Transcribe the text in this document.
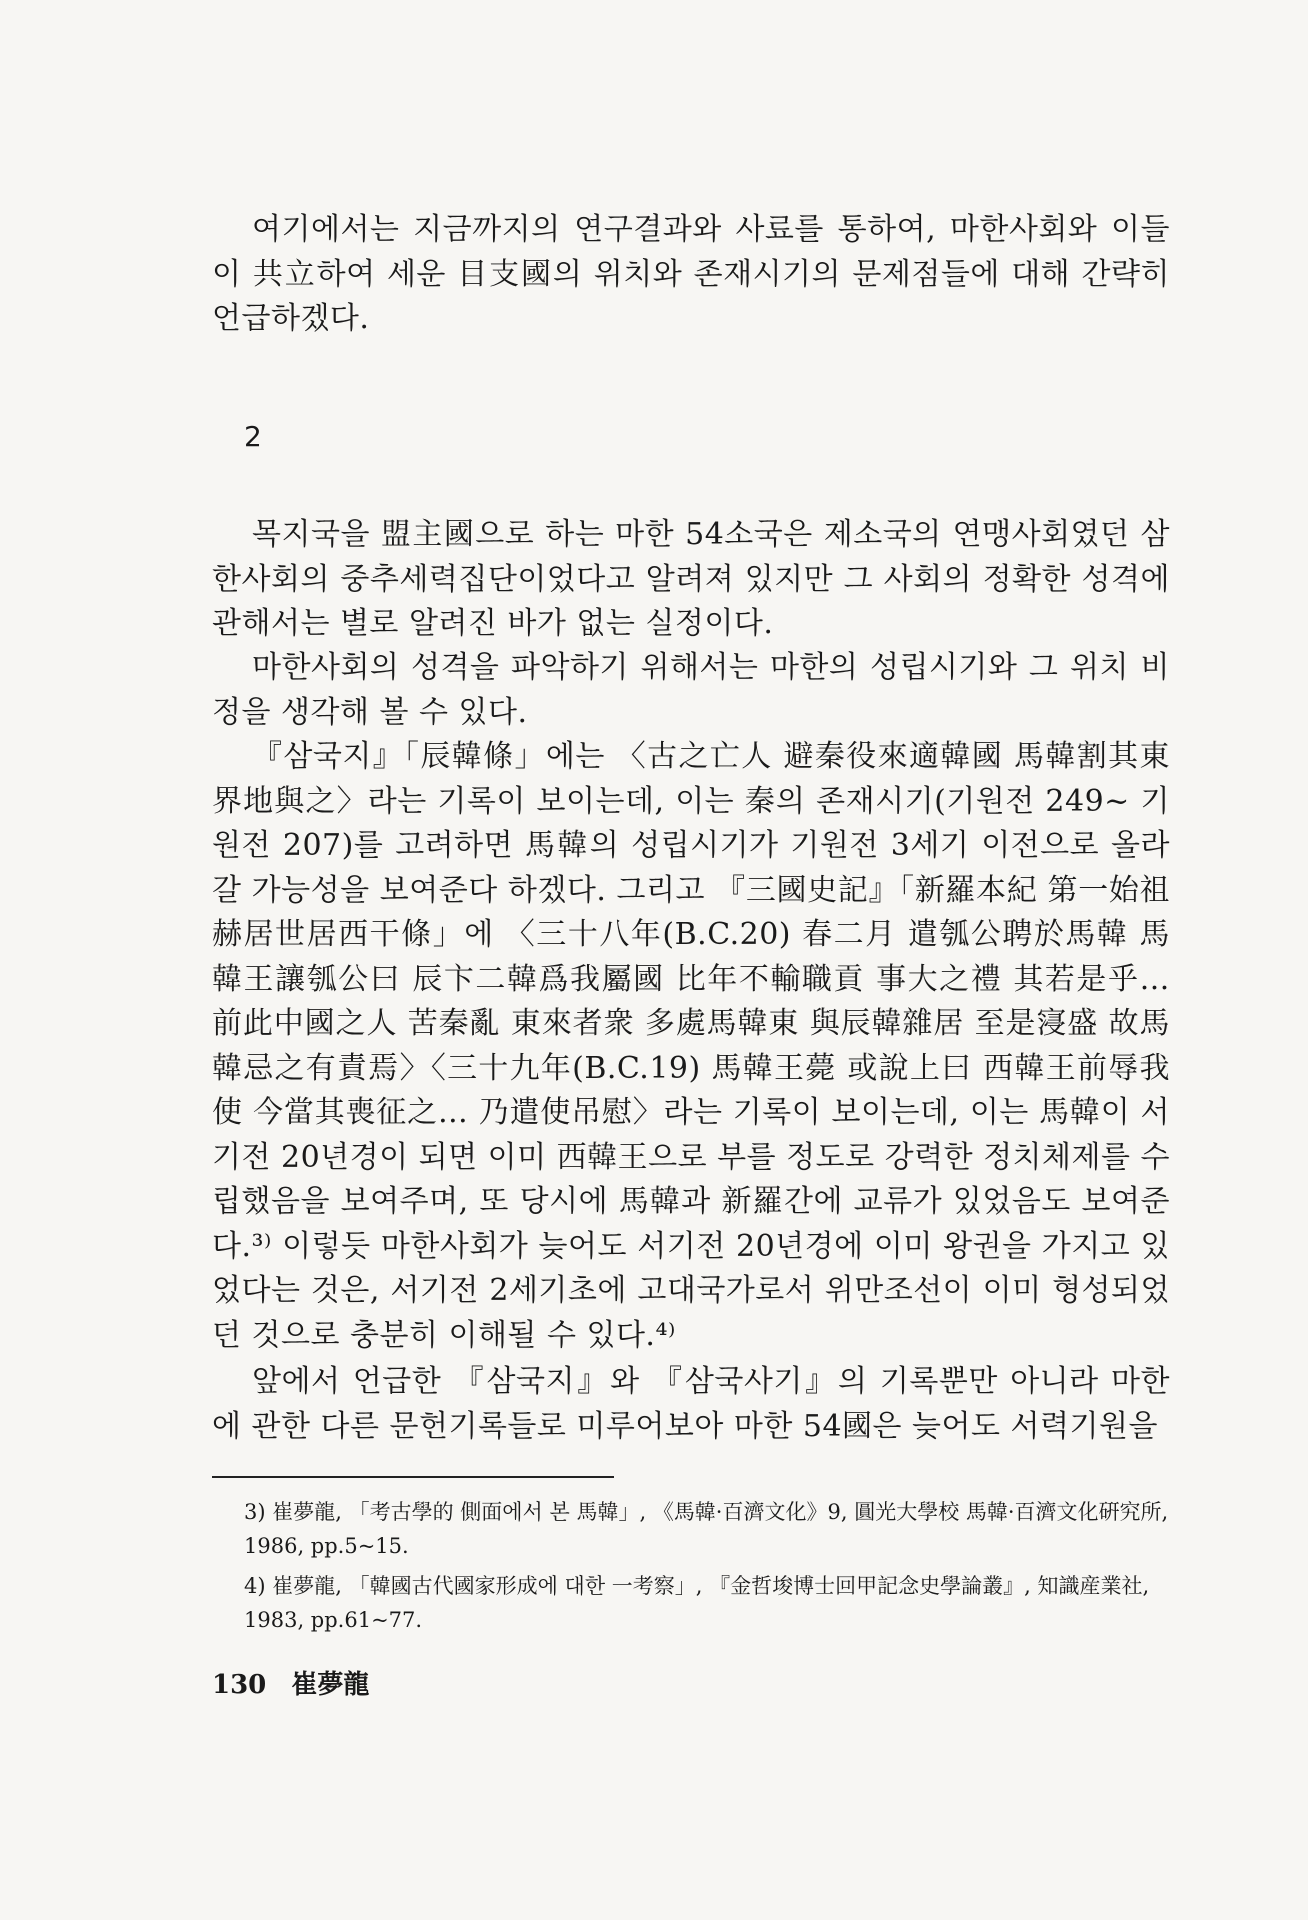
여기에서는 지금까지의 연구결과와 사료를 통하여, 마한사회와 이들이 共立하여 세운 目支國의 위치와 존재시기의 문제점들에 대해 간략히 언급하겠다.

2

목지국을 盟主國으로 하는 마한 54소국은 제소국의 연맹사회였던 삼한사회의 중추세력집단이었다고 알려져 있지만 그 사회의 정확한 성격에 관해서는 별로 알려진 바가 없는 실정이다.

마한사회의 성격을 파악하기 위해서는 마한의 성립시기와 그 위치 비정을 생각해 볼 수 있다.

『삼국지』「辰韓條」에는 〈古之亡人 避秦役來適韓國 馬韓割其東界地與之〉라는 기록이 보이는데, 이는 秦의 존재시기(기원전 249~ 기원전 207)를 고려하면 馬韓의 성립시기가 기원전 3세기 이전으로 올라갈 가능성을 보여준다 하겠다. 그리고 『三國史記』「新羅本紀 第一始祖赫居世居西干條」에 〈三十八年(B.C.20) 春二月 遣瓠公聘於馬韓 馬韓王讓瓠公曰 辰卞二韓爲我屬國 比年不輸職貢 事大之禮 其若是乎… 前此中國之人 苦秦亂 東來者衆 多處馬韓東 與辰韓雜居 至是寖盛 故馬韓忌之有責焉〉〈三十九年(B.C.19) 馬韓王薨 或說上曰 西韓王前辱我使 今當其喪征之… 乃遣使吊慰〉라는 기록이 보이는데, 이는 馬韓이 서기전 20년경이 되면 이미 西韓王으로 부를 정도로 강력한 정치체제를 수립했음을 보여주며, 또 당시에 馬韓과 新羅간에 교류가 있었음도 보여준다.³⁾ 이렇듯 마한사회가 늦어도 서기전 20년경에 이미 왕권을 가지고 있었다는 것은, 서기전 2세기초에 고대국가로서 위만조선이 이미 형성되었던 것으로 충분히 이해될 수 있다.⁴⁾

앞에서 언급한 『삼국지』와 『삼국사기』의 기록뿐만 아니라 마한에 관한 다른 문헌기록들로 미루어보아 마한 54國은 늦어도 서력기원을

3) 崔夢龍, 「考古學的 側面에서 본 馬韓」, 《馬韓·百濟文化》9, 圓光大學校 馬韓·百濟文化硏究所, 1986, pp.5~15.

4) 崔夢龍, 「韓國古代國家形成에 대한 一考察」, 『金哲埈博士回甲記念史學論叢』, 知識産業社, 1983, pp.61~77.

130 崔夢龍
